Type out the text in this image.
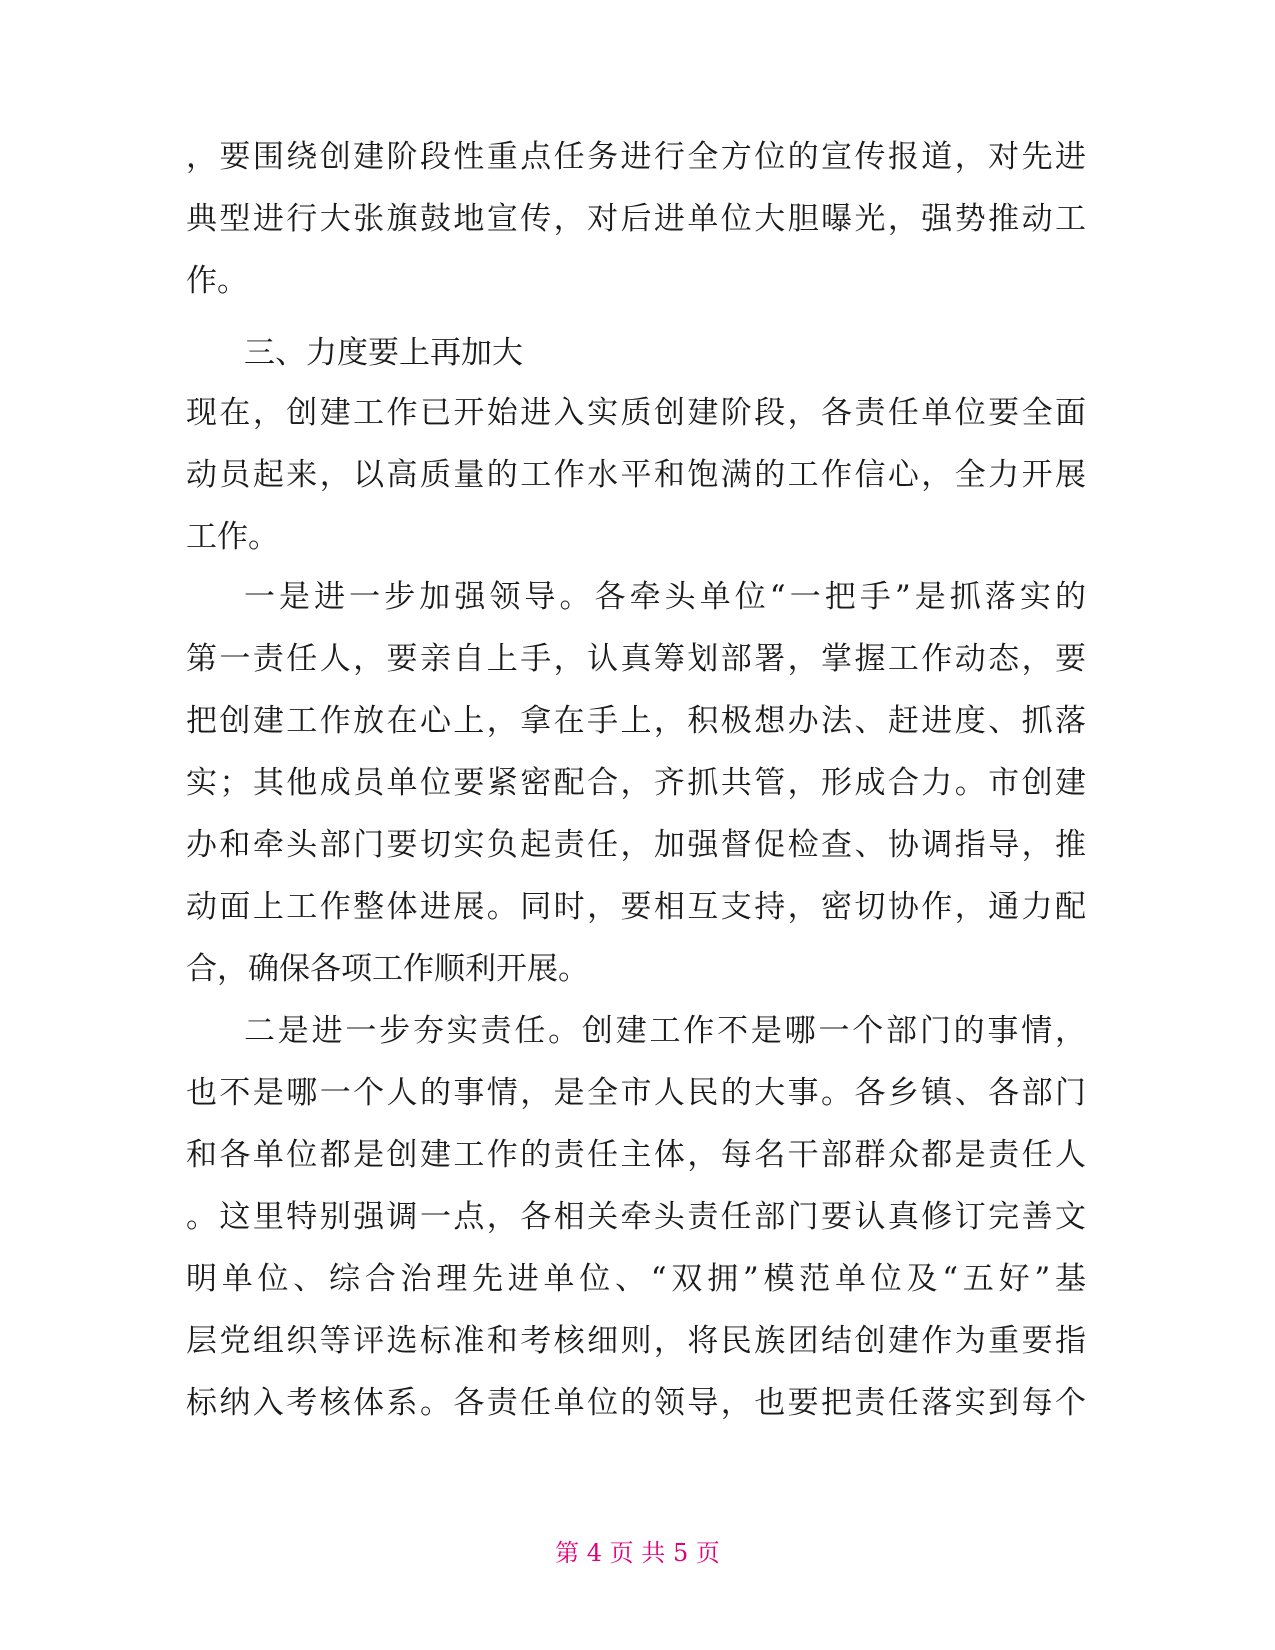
，要围绕创建阶段性重点任务进行全方位的宣传报道，对先进
典型进行大张旗鼓地宣传，对后进单位大胆曝光，强势推动工
作。
三、力度要上再加大
现在，创建工作已开始进入实质创建阶段，各责任单位要全面
动员起来，以高质量的工作水平和饱满的工作信心，全力开展
工作。
一是进一步加强领导。各牵头单位“一把手”是抓落实的
第一责任人，要亲自上手，认真筹划部署，掌握工作动态，要
把创建工作放在心上，拿在手上，积极想办法、赶进度、抓落
实；其他成员单位要紧密配合，齐抓共管，形成合力。市创建
办和牵头部门要切实负起责任，加强督促检查、协调指导，推
动面上工作整体进展。同时，要相互支持，密切协作，通力配
合，确保各项工作顺利开展。
二是进一步夯实责任。创建工作不是哪一个部门的事情，
也不是哪一个人的事情，是全市人民的大事。各乡镇、各部门
和各单位都是创建工作的责任主体，每名干部群众都是责任人
。这里特别强调一点，各相关牵头责任部门要认真修订完善文
明单位、综合治理先进单位、“双拥”模范单位及“五好”基
层党组织等评选标准和考核细则，将民族团结创建作为重要指
标纳入考核体系。各责任单位的领导，也要把责任落实到每个
第 4 页 共 5 页
